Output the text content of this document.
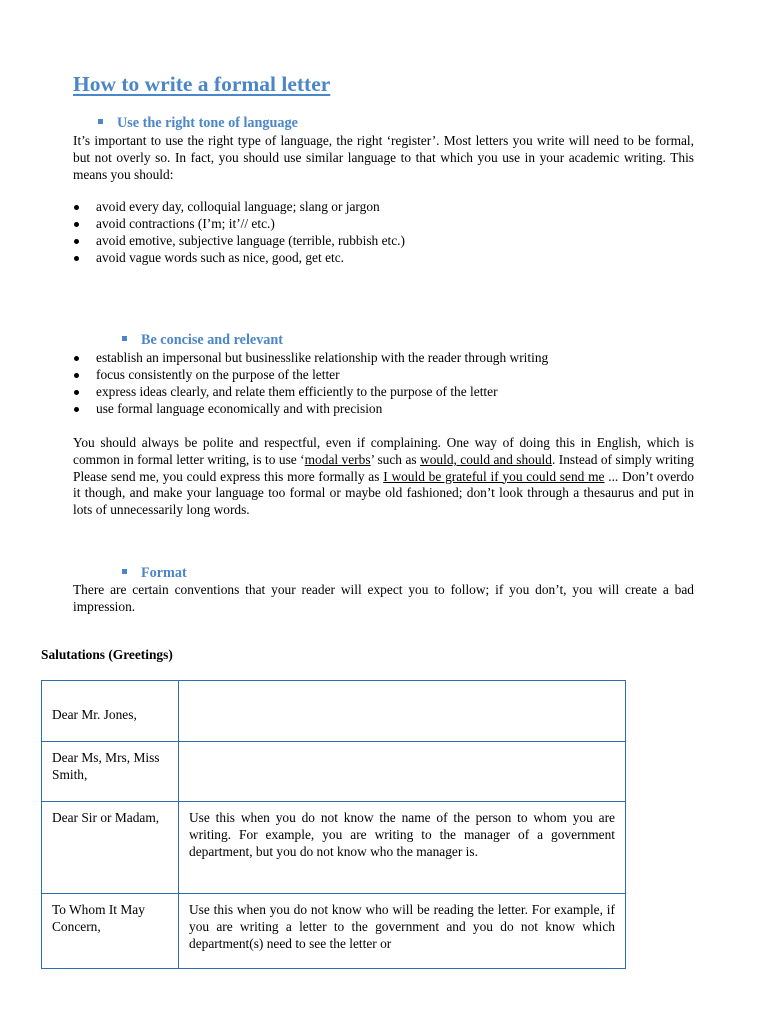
How to write a formal letter
Use the right tone of language

It’s important to use the right type of language, the right ‘register’. Most letters you write will need to be formal, but not overly so. In fact, you should use similar language to that which you use in your academic writing. This means you should:

avoid every day, colloquial language; slang or jargon
avoid contractions (I’m; it’// etc.)
avoid emotive, subjective language (terrible, rubbish etc.)
avoid vague words such as nice, good, get etc.
Be concise and relevant
establish an impersonal but businesslike relationship with the reader through writing
focus consistently on the purpose of the letter
express ideas clearly, and relate them efficiently to the purpose of the letter
use formal language economically and with precision

You should always be polite and respectful, even if complaining. One way of doing this in English, which is common in formal letter writing, is to use ‘modal verbs’ such as would, could and should. Instead of simply writing Please send me, you could express this more formally as I would be grateful if you could send me ... Don’t overdo it though, and make your language too formal or maybe old fashioned; don’t look through a thesaurus and put in lots of unnecessarily long words.

Format

There are certain conventions that your reader will expect you to follow; if you don’t, you will create a bad impression.

Salutations (Greetings)
Dear Mr. Jones,	
Dear Ms, Mrs, Miss Smith,	
Dear Sir or Madam,	Use this when you do not know the name of the person to whom you are writing. For example, you are writing to the manager of a government department, but you do not know who the manager is.
To Whom It May Concern,	Use this when you do not know who will be reading the letter. For example, if you are writing a letter to the government and you do not know which department(s) need to see the letter or
